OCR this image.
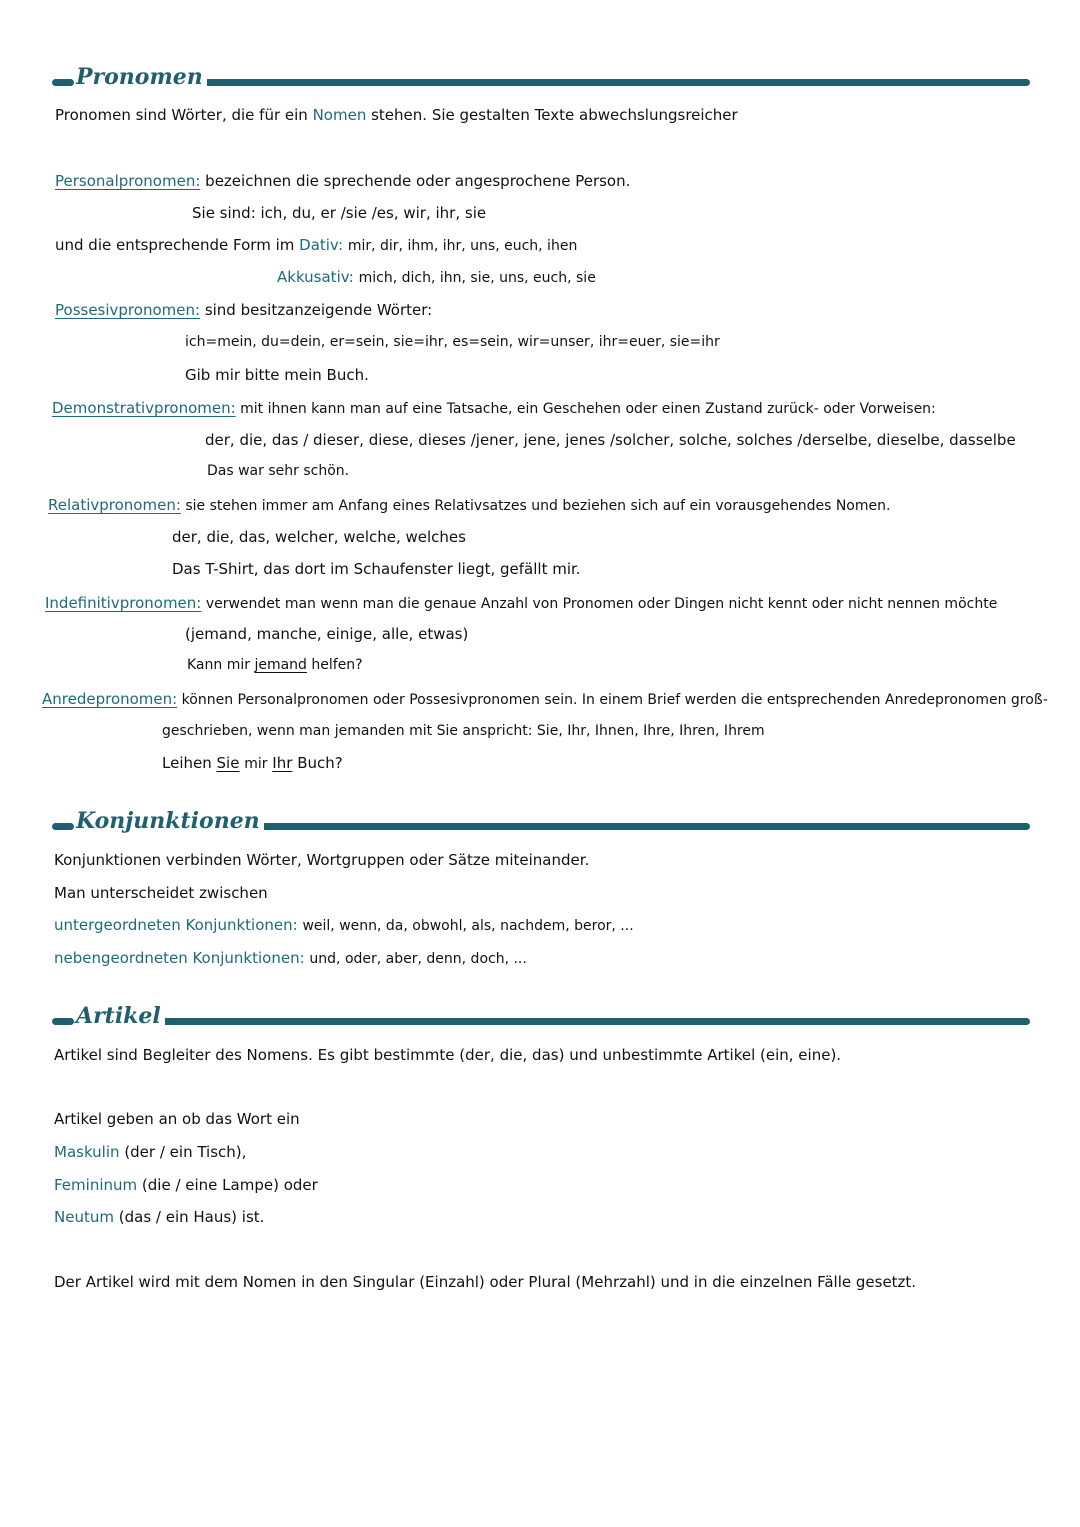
Pronomen
Pronomen sind Wörter, die für ein Nomen stehen. Sie gestalten Texte abwechslungsreicher
Personalpronomen: bezeichnen die sprechende oder angesprochene Person.
Sie sind: ich, du, er /sie /es, wir, ihr, sie
und die entsprechende Form im Dativ: mir, dir, ihm, ihr, uns, euch, ihen
Akkusativ: mich, dich, ihn, sie, uns, euch, sie
Possesivpronomen: sind besitzanzeigende Wörter:
ich=mein, du=dein, er=sein, sie=ihr, es=sein, wir=unser, ihr=euer, sie=ihr
Gib mir bitte mein Buch.
Demonstrativpronomen: mit ihnen kann man auf eine Tatsache, ein Geschehen oder einen Zustand zurück- oder Vorweisen:
der, die, das / dieser, diese, dieses /jener, jene, jenes /solcher, solche, solches /derselbe, dieselbe, dasselbe
Das war sehr schön.
Relativpronomen: sie stehen immer am Anfang eines Relativsatzes und beziehen sich auf ein vorausgehendes Nomen.
der, die, das, welcher, welche, welches
Das T-Shirt, das dort im Schaufenster liegt, gefällt mir.
Indefinitivpronomen: verwendet man wenn man die genaue Anzahl von Pronomen oder Dingen nicht kennt oder nicht nennen möchte
(jemand, manche, einige, alle, etwas)
Kann mir jemand helfen?
Anredepronomen: können Personalpronomen oder Possesivpronomen sein. In einem Brief werden die entsprechenden Anredepronomen groß-
geschrieben, wenn man jemanden mit Sie anspricht: Sie, Ihr, Ihnen, Ihre, Ihren, Ihrem
Leihen Sie mir Ihr Buch?
Konjunktionen
Konjunktionen verbinden Wörter, Wortgruppen oder Sätze miteinander.
Man unterscheidet zwischen
untergeordneten Konjunktionen: weil, wenn, da, obwohl, als, nachdem, beror, ...
nebengeordneten Konjunktionen: und, oder, aber, denn, doch, ...
Artikel
Artikel sind Begleiter des Nomens. Es gibt bestimmte (der, die, das) und unbestimmte Artikel (ein, eine).
Artikel geben an ob das Wort ein
Maskulin (der / ein Tisch),
Femininum (die / eine Lampe) oder
Neutum (das / ein Haus) ist.
Der Artikel wird mit dem Nomen in den Singular (Einzahl) oder Plural (Mehrzahl) und in die einzelnen Fälle gesetzt.
